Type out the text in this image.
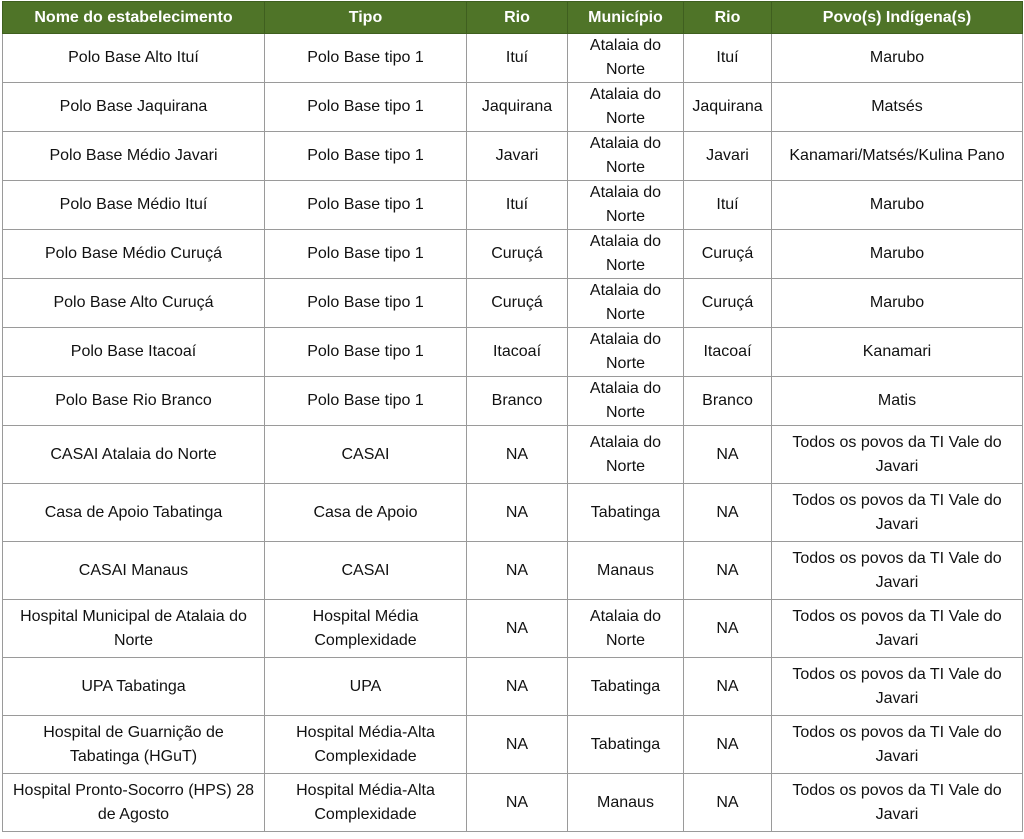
Nome do estabelecimento	Tipo	Rio	Município	Rio	Povo(s) Indígena(s)
Polo Base Alto Ituí	Polo Base tipo 1	Ituí	Atalaia do Norte	Ituí	Marubo
Polo Base Jaquirana	Polo Base tipo 1	Jaquirana	Atalaia do Norte	Jaquirana	Matsés
Polo Base Médio Javari	Polo Base tipo 1	Javari	Atalaia do Norte	Javari	Kanamari/Matsés/Kulina Pano
Polo Base Médio Ituí	Polo Base tipo 1	Ituí	Atalaia do Norte	Ituí	Marubo
Polo Base Médio Curuçá	Polo Base tipo 1	Curuçá	Atalaia do Norte	Curuçá	Marubo
Polo Base Alto Curuçá	Polo Base tipo 1	Curuçá	Atalaia do Norte	Curuçá	Marubo
Polo Base Itacoaí	Polo Base tipo 1	Itacoaí	Atalaia do Norte	Itacoaí	Kanamari
Polo Base Rio Branco	Polo Base tipo 1	Branco	Atalaia do Norte	Branco	Matis
CASAI Atalaia do Norte	CASAI	NA	Atalaia do Norte	NA	Todos os povos da TI Vale do Javari
Casa de Apoio Tabatinga	Casa de Apoio	NA	Tabatinga	NA	Todos os povos da TI Vale do Javari
CASAI Manaus	CASAI	NA	Manaus	NA	Todos os povos da TI Vale do Javari
Hospital Municipal de Atalaia do Norte	Hospital Média Complexidade	NA	Atalaia do Norte	NA	Todos os povos da TI Vale do Javari
UPA Tabatinga	UPA	NA	Tabatinga	NA	Todos os povos da TI Vale do Javari
Hospital de Guarnição de Tabatinga (HGuT)	Hospital Média-Alta Complexidade	NA	Tabatinga	NA	Todos os povos da TI Vale do Javari
Hospital Pronto-Socorro (HPS) 28 de Agosto	Hospital Média-Alta Complexidade	NA	Manaus	NA	Todos os povos da TI Vale do Javari
